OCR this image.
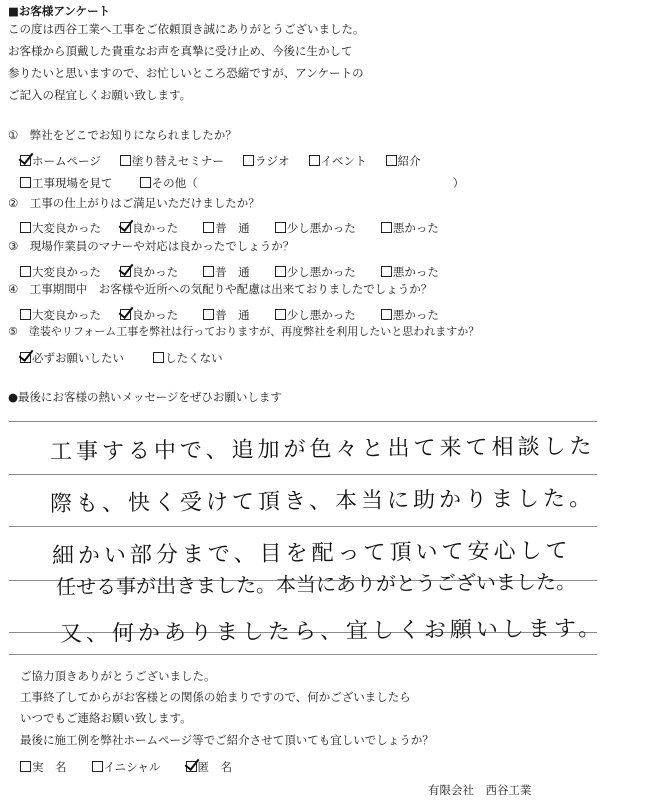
■お客様アンケート
この度は西谷工業へ工事をご依頼頂き誠にありがとうございました。
お客様から頂戴した貴重なお声を真摯に受け止め、今後に生かして
参りたいと思いますので、お忙しいところ恐縮ですが、アンケートの
ご記入の程宜しくお願い致します。
①　弊社をどこでお知りになられましたか？
ホームページ	塗り替えセミナー	ラジオ	イベント	紹介
工事現場を見て	その他（	）
②　工事の仕上がりはご満足いただけましたか？
大変良かった	良かった	普　通	少し悪かった	悪かった
③　現場作業員のマナーや対応は良かったでしょうか？
大変良かった	良かった	普　通	少し悪かった	悪かった
④　工事期間中　お客様や近所への気配りや配慮は出来ておりましたでしょうか？
大変良かった	良かった	普　通	少し悪かった	悪かった
⑤　塗装やリフォーム工事を弊社は行っておりますが、再度弊社を利用したいと思われますか？
必ずお願いしたい	したくない
●最後にお客様の熱いメッセージをぜひお願いします
工事する中で、追加が色々と出て来て相談した
際も、快く受けて頂き、本当に助かりました。
細かい部分まで、目を配って頂いて安心して
任せる事が出きました。本当にありがとうございました。
又、何かありましたら、宜しくお願いします。
ご協力頂きありがとうございました。
工事終了してからがお客様との関係の始まりですので、何かございましたら
いつでもご連絡お願い致します。
最後に施工例を弊社ホームページ等でご紹介させて頂いても宜しいでしょうか？
実　名	イニシャル	匿　名
有限会社　西谷工業
